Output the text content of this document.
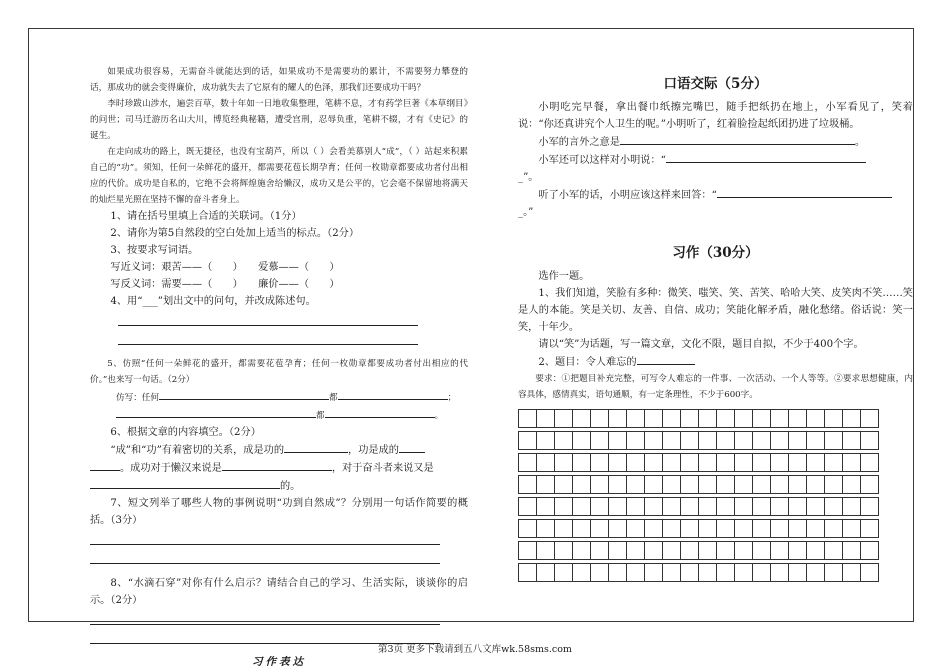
如果成功很容易，无需奋斗就能达到的话，如果成功不是需要功的累计，不需要努力攀登的话，那成功的就会变得廉价，成功就失去了它原有的耀人的色泽，那我们还要成功干吗？

李时珍跋山涉水，遍尝百草，数十年如一日地收集整理，笔耕不息，才有药学巨著《本草纲目》的问世；司马迁游历名山大川，博览经典秘籍，遭受宫刑，忍辱负重，笔耕不辍，才有《史记》的诞生。

在走向成功的路上，既无捷径，也没有宝葫芦，所以（ ）会看美慕别人“成”，（ ）站起来积累自己的“功”。须知，任何一朵鲜花的盛开，都需要花苞长期孕育；任何一枚勋章都要成功者付出相应的代价。成功是自私的，它绝不会将辉煌施舍给懒汉，成功又是公平的，它会毫不保留地将满天的灿烂星光照在坚持不懈的奋斗者身上。

1、请在括号里填上合适的关联词。（1分）

2、请你为第5自然段的空白处加上适当的标点。（2分）

3、按要求写词语。

写近义词：艰苦——（　　）　　爱慕——（　　）

写反义词：需要——（　　）　　廉价——（　　）

4、用“___”划出文中的问句，并改成陈述句。

5、仿照“任何一朵鲜花的盛开，都需要花苞孕育；任何一枚勋章都要成功者付出相应的代价。”也来写一句话。（2分）

仿写：任何	都	；

都	。

6、根据文章的内容填空。（2分）

“成”和“功”有着密切的关系，成是功的	，功是成的

。成功对于懒汉来说是	，对于奋斗者来说又是

的。

7、短文列举了哪些人物的事例说明“功到自然成”？分别用一句话作简要的概括。（3分）

8、“水滴石穿”对你有什么启示？请结合自己的学习、生活实际，谈谈你的启示。（2分）

习作表达
口语交际（5分）

小明吃完早餐，拿出餐巾纸擦完嘴巴，随手把纸扔在地上，小军看见了，笑着说：“你还真讲究个人卫生的呢。”小明听了，红着脸捡起纸团扔进了垃圾桶。

小军的言外之意是	。

小军还可以这样对小明说：“

_”。

听了小军的话，小明应该这样来回答：“

_。”

习作（30分）

选作一题。

1、我们知道，笑脸有多种：微笑、嗤笑、笑、苦笑、哈哈大笑、皮笑肉不笑……笑是人的本能。笑是关切、友善、自信、成功；笑能化解矛盾，融化愁绪。俗话说：笑一笑，十年少。

请以“笑”为话题，写一篇文章，文化不限，题目自拟，不少于400个字。

2、题目：令人难忘的

要求：①把题目补充完整，可写令人难忘的一件事、一次活动、一个人等等。②要求思想健康，内容具体，感情真实，语句通顺，有一定条理性，不少于600字。

第3页 更多下载请到五八文库wk.58sms.com
